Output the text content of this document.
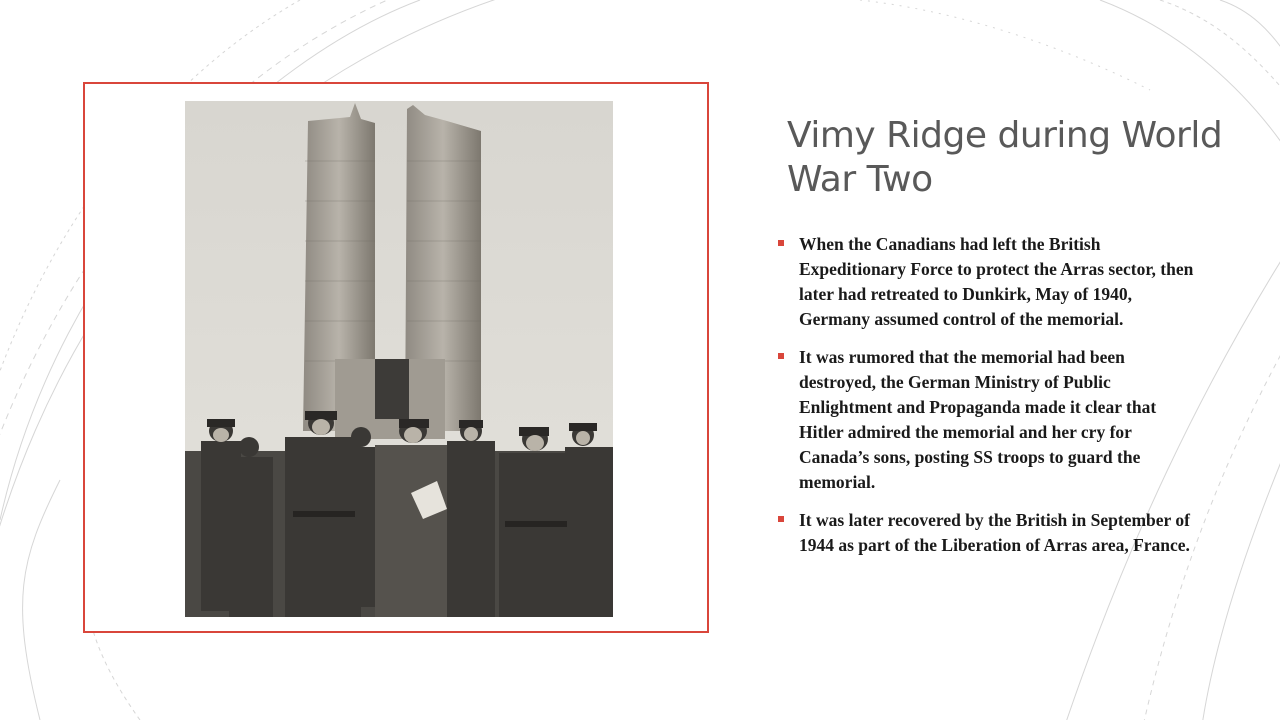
Vimy Ridge during World War Two
When the Canadians had left the British Expeditionary Force to protect the Arras sector, then later had retreated to Dunkirk, May of 1940, Germany assumed control of the memorial.
It was rumored that the memorial had been destroyed, the German Ministry of Public Enlightment and Propaganda made it clear that Hitler admired the memorial and her cry for Canada’s sons, posting SS troops to guard the memorial.
It was later recovered by the British in September of 1944 as part of the Liberation of Arras area, France.
